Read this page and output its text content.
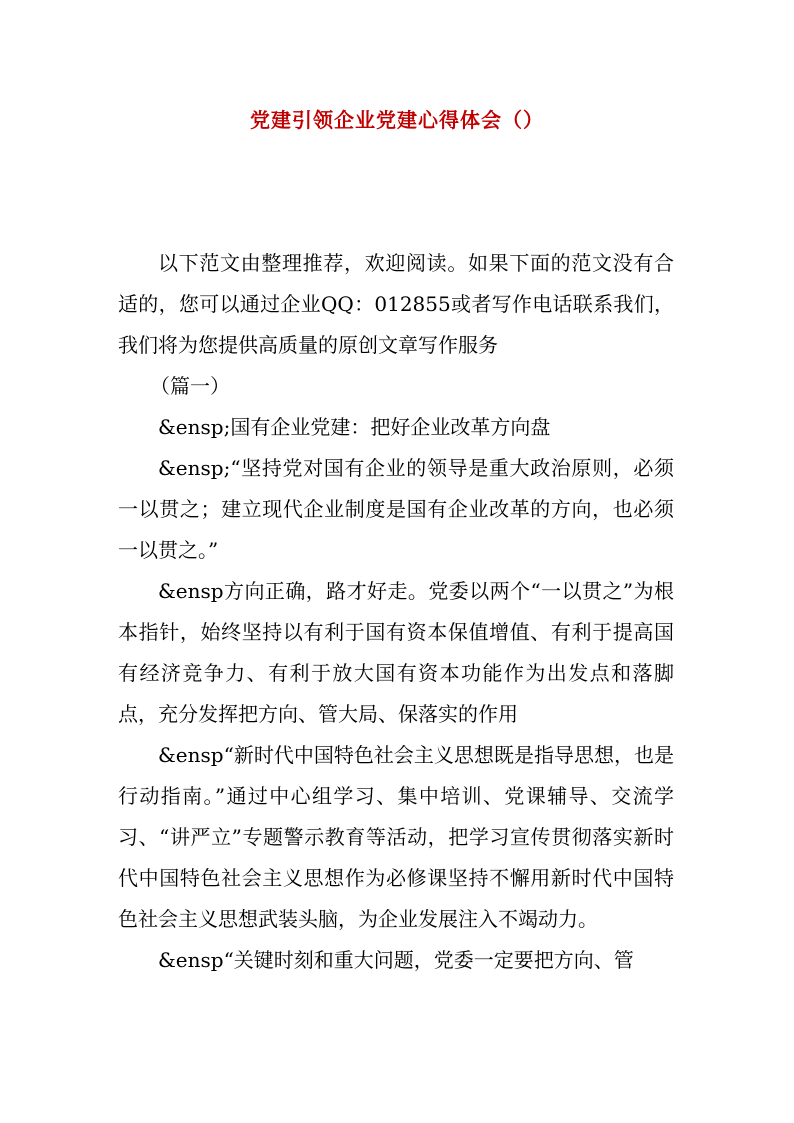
党建引领企业党建心得体会（）

以下范文由整理推荐，欢迎阅读。如果下面的范文没有合适的，您可以通过企业QQ：012855或者写作电话联系我们，我们将为您提供高质量的原创文章写作服务

（篇一）

&ensp;国有企业党建：把好企业改革方向盘

&ensp;“坚持党对国有企业的领导是重大政治原则，必须一以贯之；建立现代企业制度是国有企业改革的方向，也必须一以贯之。”

&ensp方向正确，路才好走。党委以两个“一以贯之”为根本指针，始终坚持以有利于国有资本保值增值、有利于提高国有经济竞争力、有利于放大国有资本功能作为出发点和落脚点，充分发挥把方向、管大局、保落实的作用

&ensp“新时代中国特色社会主义思想既是指导思想，也是行动指南。”通过中心组学习、集中培训、党课辅导、交流学习、“讲严立”专题警示教育等活动，把学习宣传贯彻落实新时代中国特色社会主义思想作为必修课坚持不懈用新时代中国特色社会主义思想武装头脑，为企业发展注入不竭动力。

&ensp“关键时刻和重大问题，党委一定要把方向、管
